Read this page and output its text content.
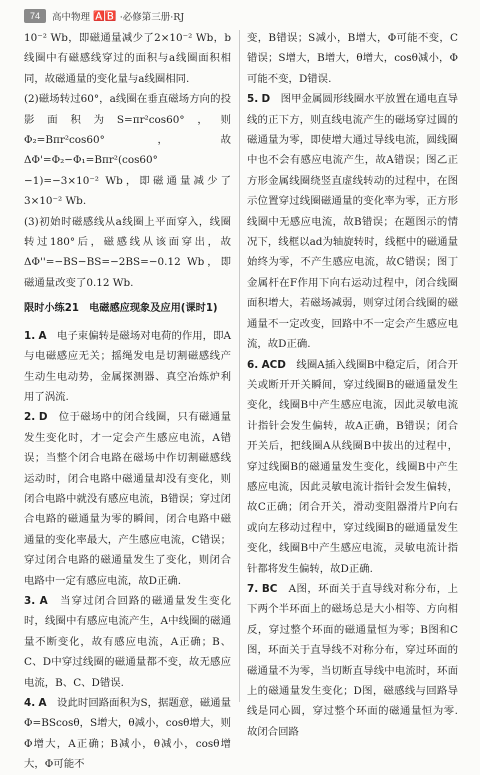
74	高中物理 🅰️🅱️ ·必修第三册·RJ

10⁻² Wb，即磁通量减少了2×10⁻² Wb，b线圈中有磁感线穿过的面积与a线圈面积相同，故磁通量的变化量与a线圈相同.

(2)磁场转过60°，a线圈在垂直磁场方向的投影面积为S=πr²cos60°，则Φ₂=Bπr²cos60°，故ΔΦ'=Φ₂−Φ₁=Bπr²(cos60°−1)=−3×10⁻² Wb，即磁通量减少了3×10⁻² Wb.

(3)初始时磁感线从a线圈上平面穿入，线圈转过180°后，磁感线从该面穿出，故ΔΦ''=−BS−BS=−2BS=−0.12 Wb，即磁通量改变了0.12 Wb.

限时小练21　电磁感应现象及应用(课时1)

1. A　 电子束偏转是磁场对电荷的作用，即A与电磁感应无关；摇绳发电是切割磁感线产生动生电动势，金属探测器、真空冶炼炉利用了涡流.

2. D　 位于磁场中的闭合线圈，只有磁通量发生变化时，才一定会产生感应电流，A错误；当整个闭合电路在磁场中作切割磁感线运动时，闭合电路中磁通量却没有变化，则闭合电路中就没有感应电流，B错误；穿过闭合电路的磁通量为零的瞬间，闭合电路中磁通量的变化率最大，产生感应电流，C错误；穿过闭合电路的磁通量发生了变化，则闭合电路中一定有感应电流，故D正确.

3. A　 当穿过闭合回路的磁通量发生变化时，线圈中有感应电流产生，A中线圈的磁通量不断变化，故有感应电流，A正确；B、C、D中穿过线圈的磁通量都不变，故无感应电流，B、C、D错误.

4. A　 设此时回路面积为S，据题意，磁通量Φ=BScosθ，S增大，θ减小，cosθ增大，则Φ增大，A正确；B减小，θ减小，cosθ增大，Φ可能不

变，B错误；S减小，B增大，Φ可能不变，C错误；S增大，B增大，θ增大，cosθ减小，Φ可能不变，D错误.

5. D　 图甲金属圆形线圈水平放置在通电直导线的正下方，则直线电流产生的磁场穿过圆的磁通量为零，即使增大通过导线电流，圆线圈中也不会有感应电流产生，故A错误；图乙正方形金属线圈绕竖直虚线转动的过程中，在图示位置穿过线圈磁通量的变化率为零，正方形线圈中无感应电流，故B错误；在题图示的情况下，线框以ad为轴旋转时，线框中的磁通量始终为零，不产生感应电流，故C错误；图丁金属杆在F作用下向右运动过程中，闭合线圈面积增大，若磁场减弱，则穿过闭合线圈的磁通量不一定改变，回路中不一定会产生感应电流，故D正确.

6. ACD　 线圈A插入线圈B中稳定后，闭合开关或断开开关瞬间，穿过线圈B的磁通量发生变化，线圈B中产生感应电流，因此灵敏电流计指针会发生偏转，故A正确，B错误；闭合开关后，把线圈A从线圈B中拔出的过程中，穿过线圈B的磁通量发生变化，线圈B中产生感应电流，因此灵敏电流计指针会发生偏转，故C正确；闭合开关，滑动变阻器滑片P向右或向左移动过程中，穿过线圈B的磁通量发生变化，线圈B中产生感应电流，灵敏电流计指针都将发生偏转，故D正确.

7. BC　 A图，环面关于直导线对称分布，上下两个半环面上的磁场总是大小相等、方向相反，穿过整个环面的磁通量恒为零；B图和C图，环面关于直导线不对称分布，穿过环面的磁通量不为零，当切断直导线中电流时，环面上的磁通量发生变化；D图，磁感线与回路导线是同心圆，穿过整个环面的磁通量恒为零.故闭合回路
